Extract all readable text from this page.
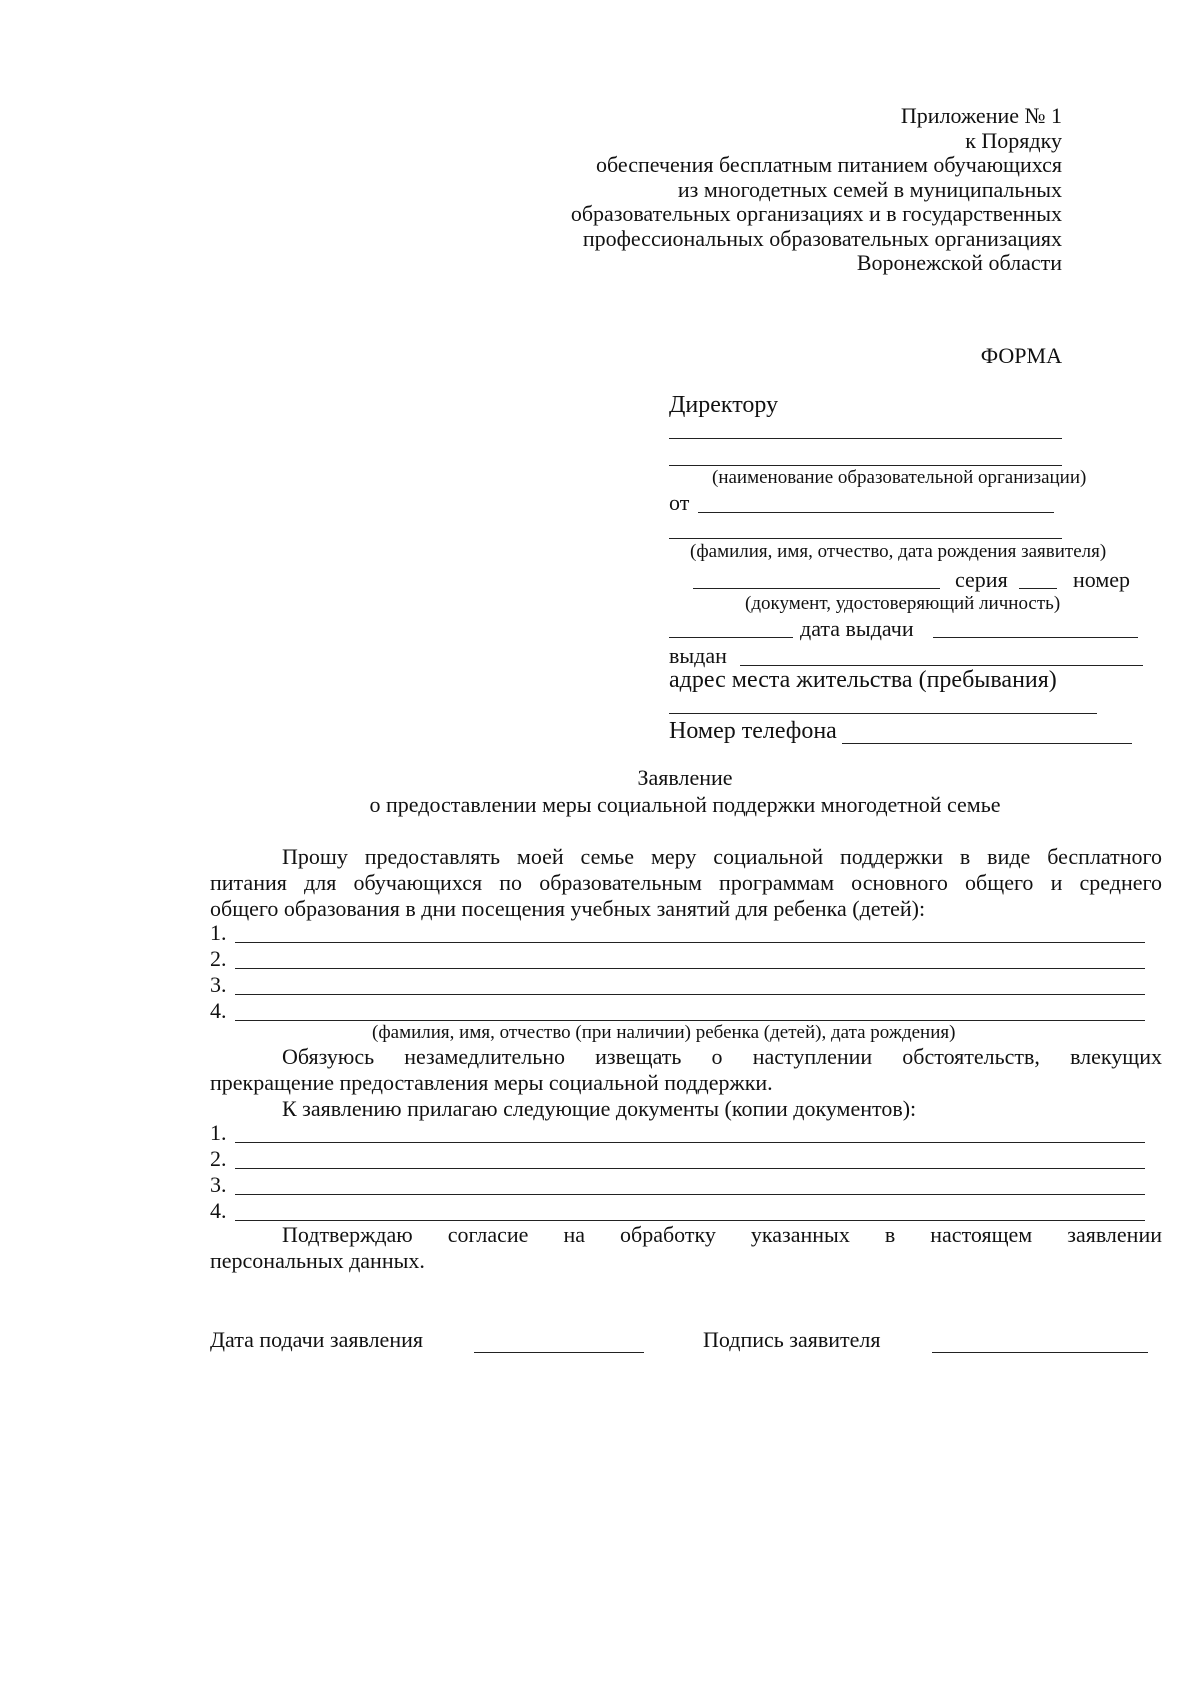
Приложение № 1
к Порядку
обеспечения бесплатным питанием обучающихся
из многодетных семей в муниципальных
образовательных организациях и в государственных
профессиональных образовательных организациях
Воронежской области
ФОРМА
Директору
(наименование образовательной организации)
от
(фамилия, имя, отчество, дата рождения заявителя)
серия	номер
(документ, удостоверяющий личность)
дата выдачи
выдан
адрес места жительства (пребывания)
Номер телефона
Заявление
о предоставлении меры социальной поддержки многодетной семье
Прошу предоставлять моей семье меру социальной поддержки в виде бесплатного
питания для обучающихся по образовательным программам основного общего и среднего
общего образования в дни посещения учебных занятий для ребенка (детей):
1.
2.
3.
4.
(фамилия, имя, отчество (при наличии) ребенка (детей), дата рождения)
Обязуюсь незамедлительно извещать о наступлении обстоятельств, влекущих
прекращение предоставления меры социальной поддержки.
К заявлению прилагаю следующие документы (копии документов):
1.
2.
3.
4.
Подтверждаю согласие на обработку указанных в настоящем заявлении
персональных данных.
Дата подачи заявления	Подпись заявителя
